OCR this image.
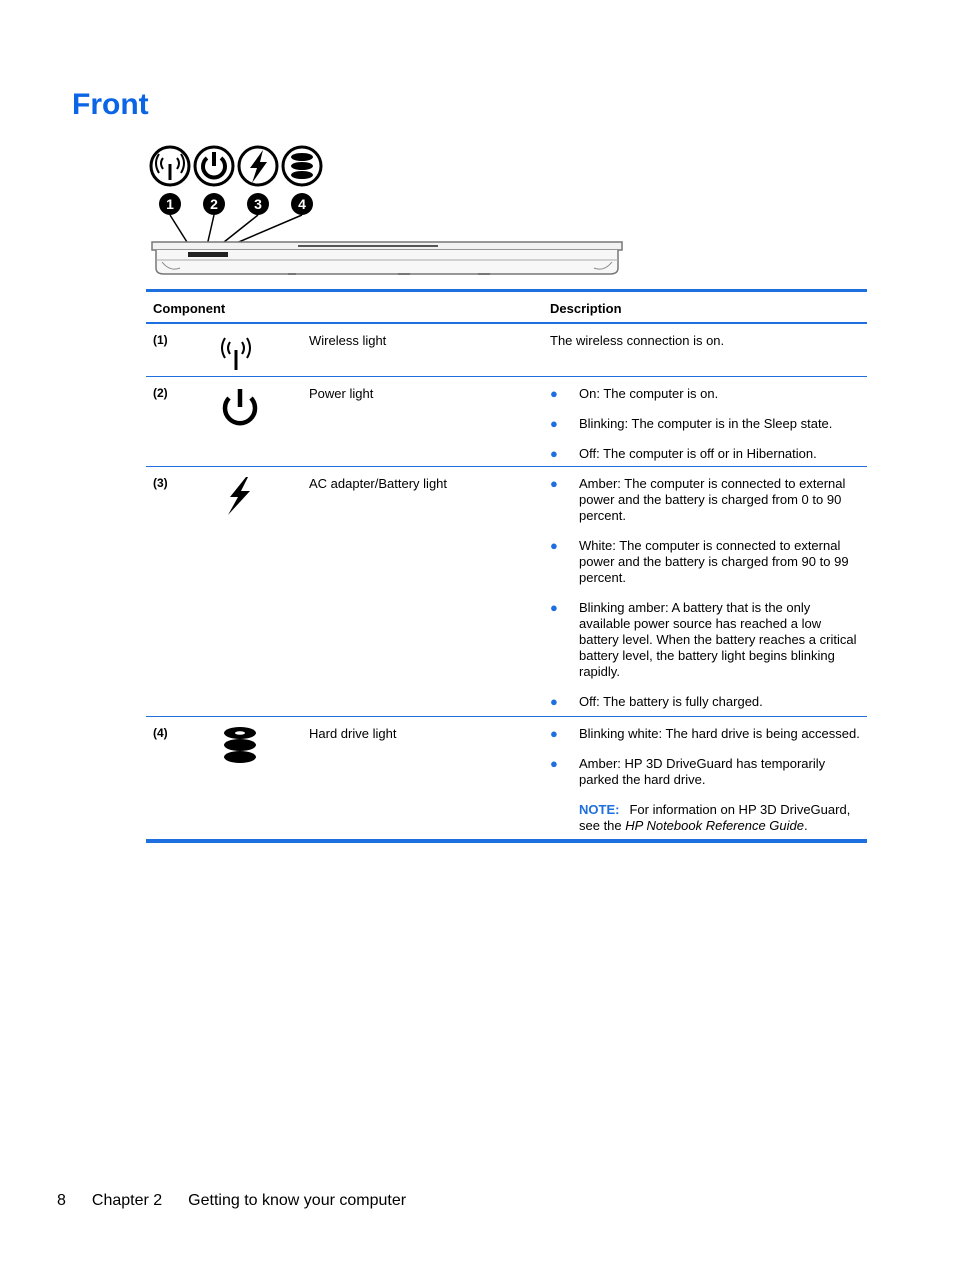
Front
1	2	3	4
Component	Description
(1)	Wireless light	The wireless connection is on.
(2)	Power light	● On: The computer is on.
● Blinking: The computer is in the Sleep state.
● Off: The computer is off or in Hibernation.
(3)	AC adapter/Battery light	● Amber: The computer is connected to external power and the battery is charged from 0 to 90 percent.
● White: The computer is connected to external power and the battery is charged from 90 to 99 percent.
● Blinking amber: A battery that is the only available power source has reached a low battery level. When the battery reaches a critical battery level, the battery light begins blinking rapidly.
● Off: The battery is fully charged.
(4)	Hard drive light	● Blinking white: The hard drive is being accessed.
● Amber: HP 3D DriveGuard has temporarily parked the hard drive.
NOTE: For information on HP 3D DriveGuard, see the HP Notebook Reference Guide.
8 Chapter 2 Getting to know your computer
